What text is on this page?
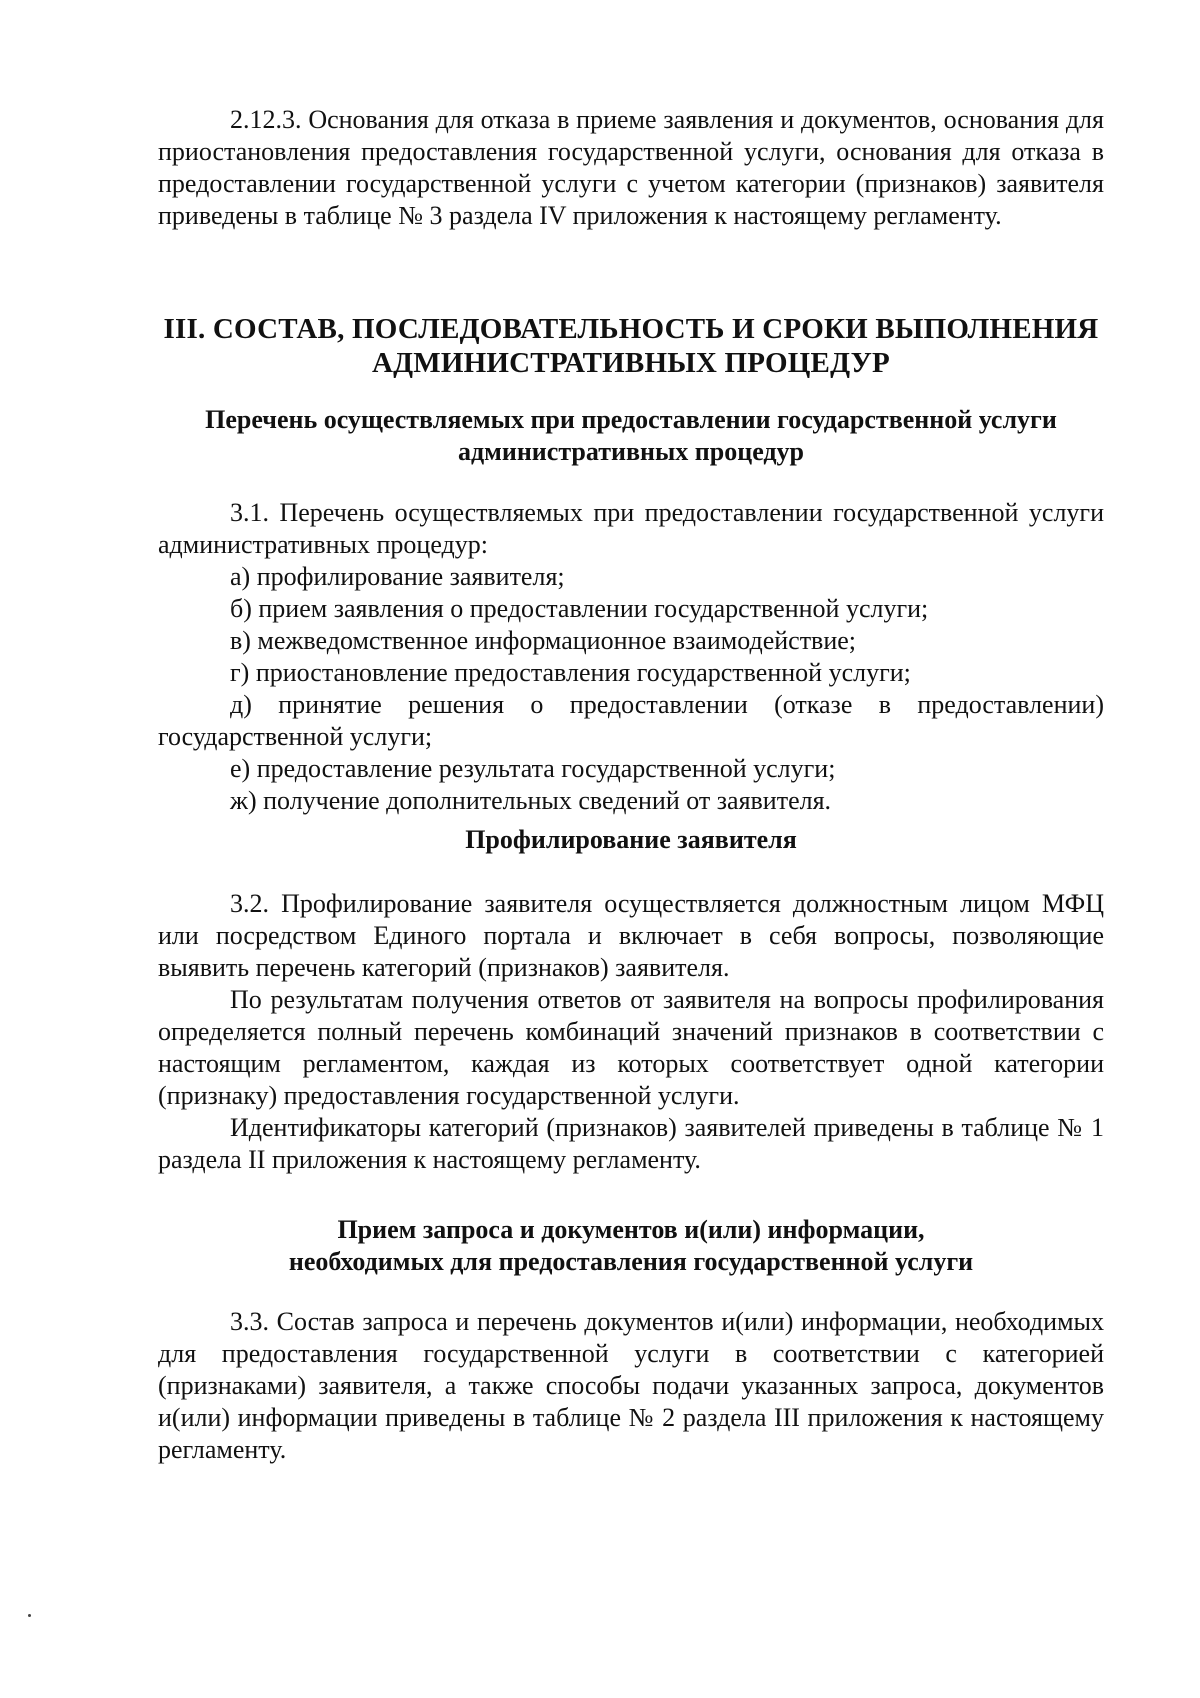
2.12.3. Основания для отказа в приеме заявления и документов, основания для приостановления предоставления государственной услуги, основания для отказа в предоставлении государственной услуги с учетом категории (признаков) заявителя приведены в таблице № 3 раздела IV приложения к настоящему регламенту.

III. СОСТАВ, ПОСЛЕДОВАТЕЛЬНОСТЬ И СРОКИ ВЫПОЛНЕНИЯ
АДМИНИСТРАТИВНЫХ ПРОЦЕДУР
Перечень осуществляемых при предоставлении государственной услуги
административных процедур

3.1. Перечень осуществляемых при предоставлении государственной услуги административных процедур:

а) профилирование заявителя;

б) прием заявления о предоставлении государственной услуги;

в) межведомственное информационное взаимодействие;

г) приостановление предоставления государственной услуги;

д) принятие решения о предоставлении (отказе в предоставлении) государственной услуги;

е) предоставление результата государственной услуги;

ж) получение дополнительных сведений от заявителя.

Профилирование заявителя

3.2. Профилирование заявителя осуществляется должностным лицом МФЦ или посредством Единого портала и включает в себя вопросы, позволяющие выявить перечень категорий (признаков) заявителя.

По результатам получения ответов от заявителя на вопросы профилирования определяется полный перечень комбинаций значений признаков в соответствии с настоящим регламентом, каждая из которых соответствует одной категории (признаку) предоставления государственной услуги.

Идентификаторы категорий (признаков) заявителей приведены в таблице № 1 раздела II приложения к настоящему регламенту.

Прием запроса и документов и(или) информации,
необходимых для предоставления государственной услуги

3.3. Состав запроса и перечень документов и(или) информации, необходимых для предоставления государственной услуги в соответствии с категорией (признаками) заявителя, а также способы подачи указанных запроса, документов и(или) информации приведены в таблице № 2 раздела III приложения к настоящему регламенту.
